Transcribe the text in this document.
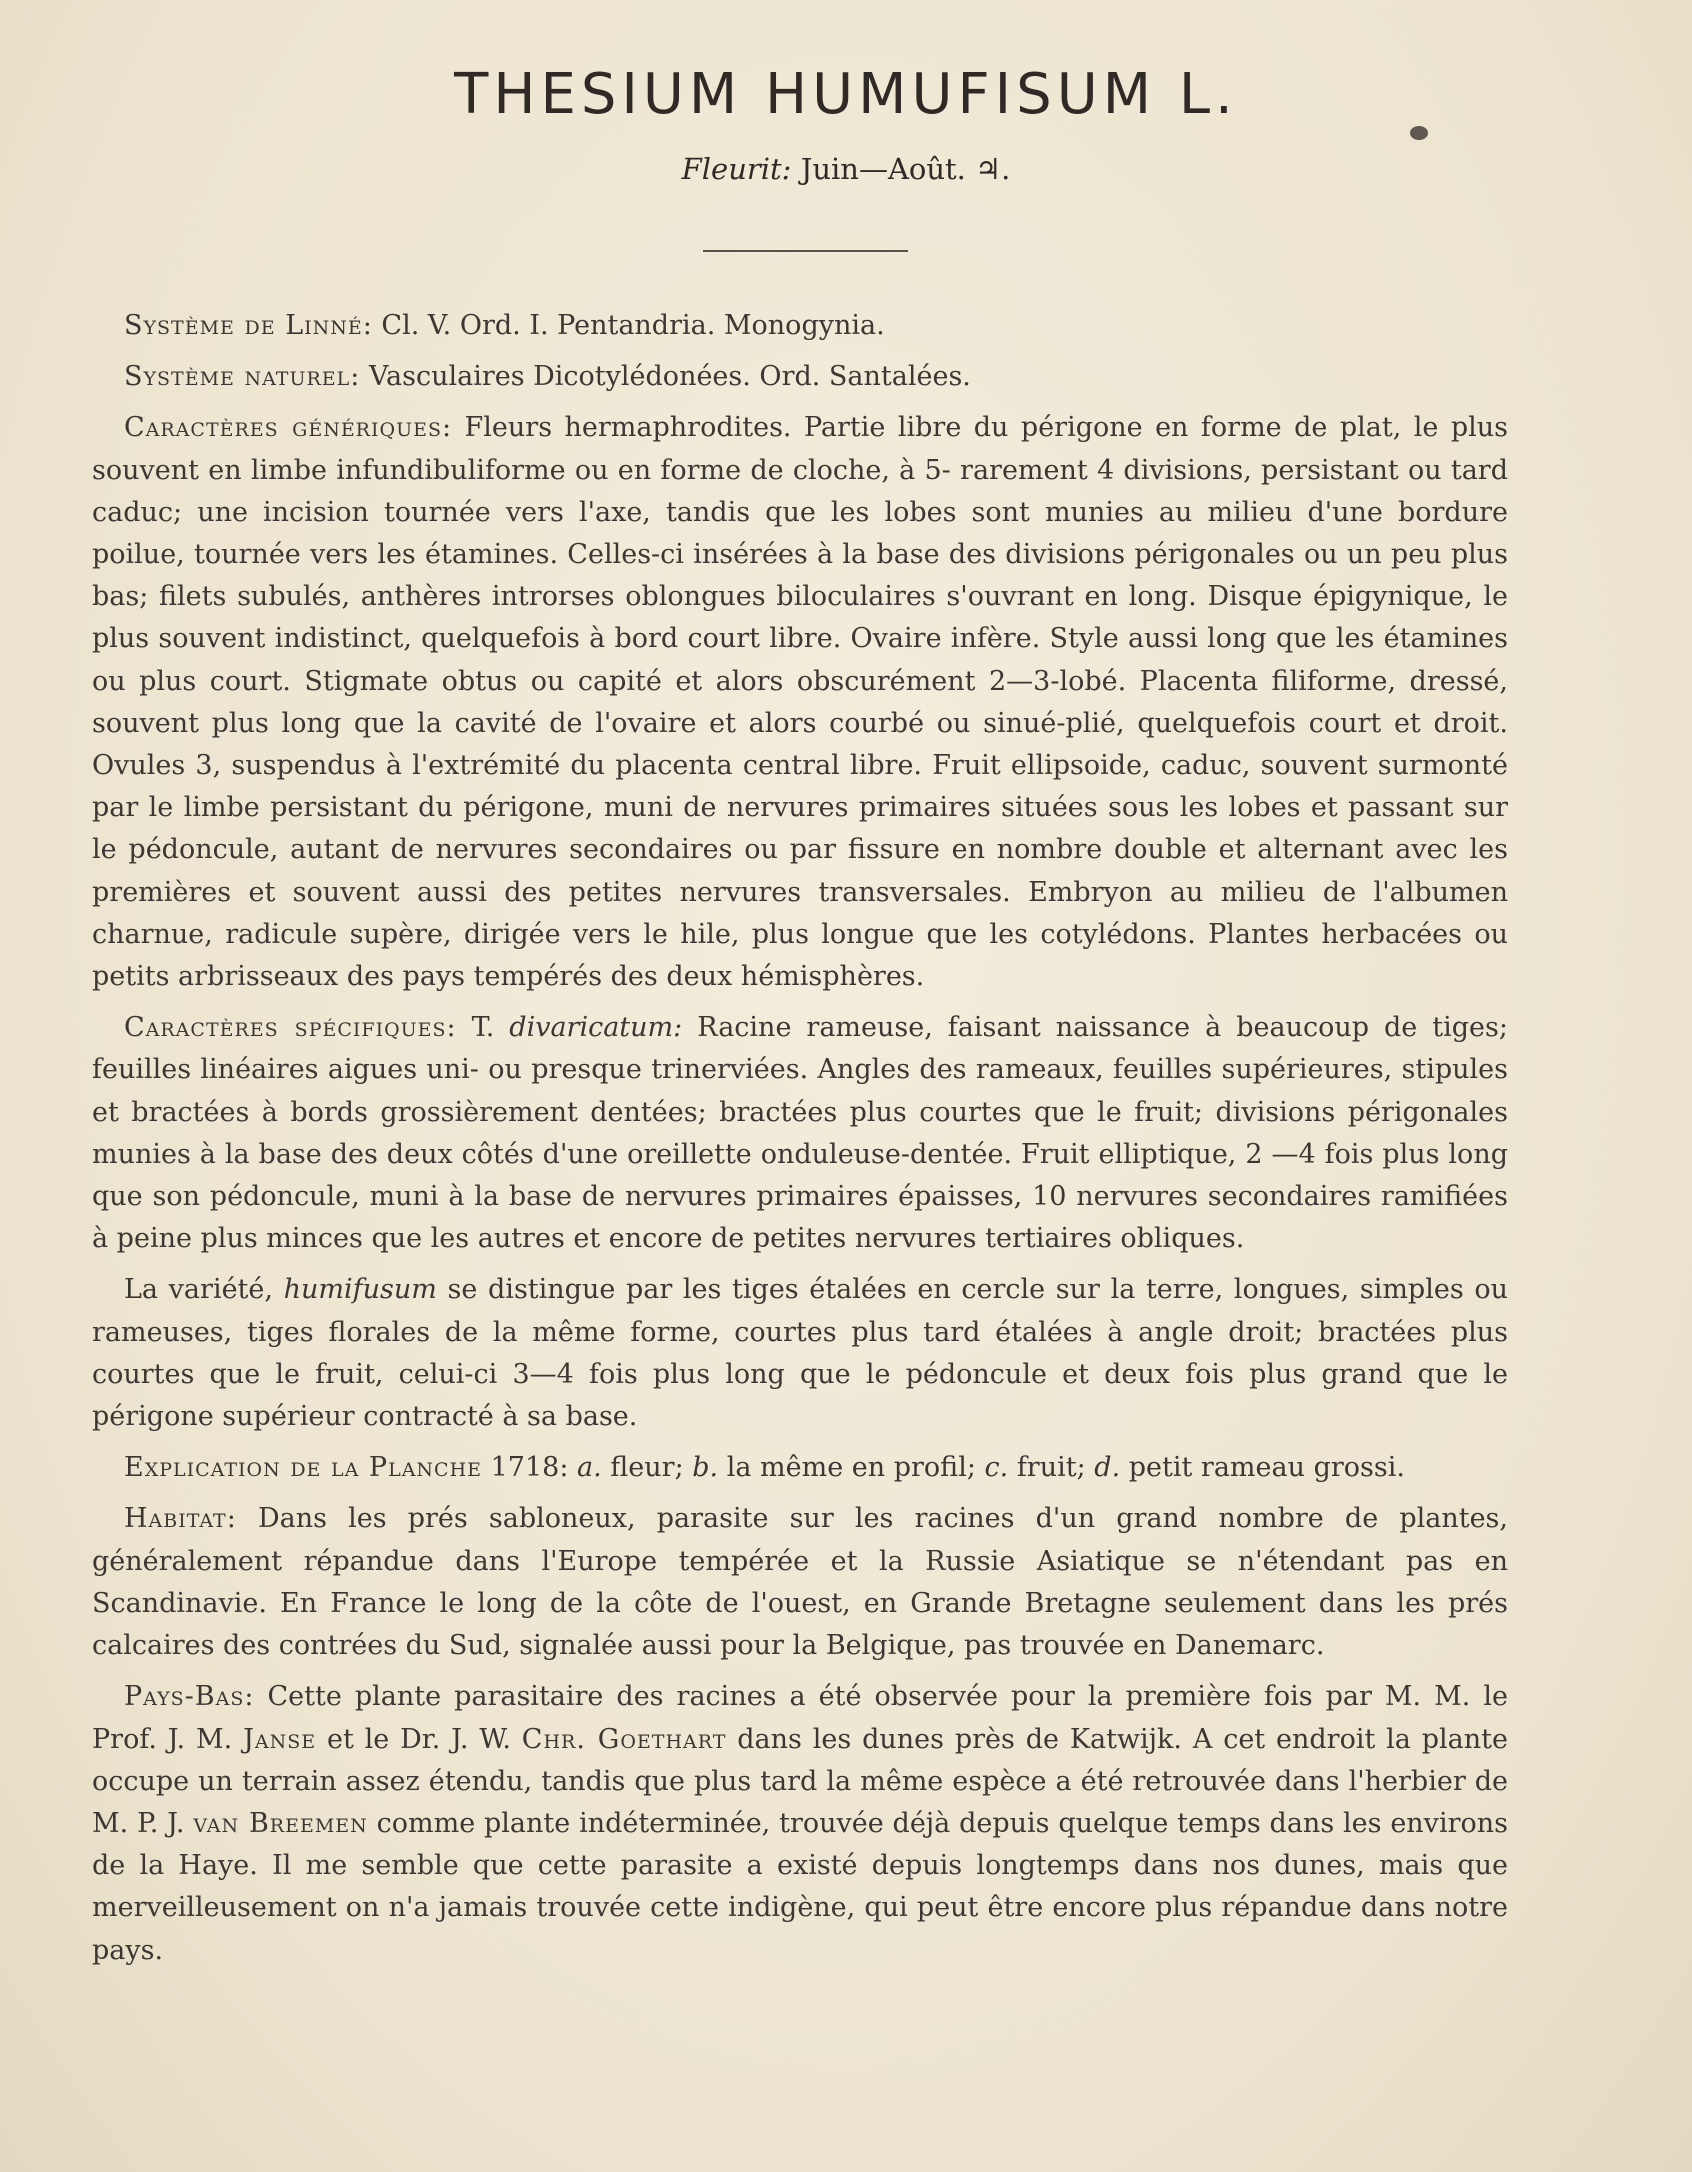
THESIUM HUMUFISUM L.
Fleurit: Juin—Août. ♃.

Système de Linné: Cl. V. Ord. I. Pentandria. Monogynia.

Système naturel: Vasculaires Dicotylédonées. Ord. Santalées.

Caractères génériques: Fleurs hermaphrodites. Partie libre du périgone en forme de plat, le plus souvent en limbe infundibuliforme ou en forme de cloche, à 5- rarement 4 divisions, persistant ou tard caduc; une incision tournée vers l'axe, tandis que les lobes sont munies au milieu d'une bordure poilue, tournée vers les étamines. Celles-ci insérées à la base des divisions périgonales ou un peu plus bas; filets subulés, anthères introrses oblongues biloculaires s'ouvrant en long. Disque épigynique, le plus souvent indistinct, quelquefois à bord court libre. Ovaire infère. Style aussi long que les étamines ou plus court. Stigmate obtus ou capité et alors obscurément 2—3-lobé. Placenta filiforme, dressé, souvent plus long que la cavité de l'ovaire et alors courbé ou sinué-plié, quelquefois court et droit. Ovules 3, suspendus à l'extrémité du placenta central libre. Fruit ellipsoide, caduc, souvent surmonté par le limbe persistant du périgone, muni de nervures primaires situées sous les lobes et passant sur le pédoncule, autant de nervures secondaires ou par fissure en nombre double et alternant avec les premières et souvent aussi des petites nervures transversales. Embryon au milieu de l'albumen charnue, radicule supère, dirigée vers le hile, plus longue que les cotylédons. Plantes herbacées ou petits arbrisseaux des pays tempérés des deux hémisphères.

Caractères spécifiques: T. divaricatum: Racine rameuse, faisant naissance à beaucoup de tiges; feuilles linéaires aigues uni- ou presque trinerviées. Angles des rameaux, feuilles supérieures, stipules et bractées à bords grossièrement dentées; bractées plus courtes que le fruit; divisions périgonales munies à la base des deux côtés d'une oreillette onduleuse-dentée. Fruit elliptique, 2 —4 fois plus long que son pédoncule, muni à la base de nervures primaires épaisses, 10 nervures secondaires ramifiées à peine plus minces que les autres et encore de petites nervures tertiaires obliques.

La variété, humifusum se distingue par les tiges étalées en cercle sur la terre, longues, simples ou rameuses, tiges florales de la même forme, courtes plus tard étalées à angle droit; bractées plus courtes que le fruit, celui-ci 3—4 fois plus long que le pédoncule et deux fois plus grand que le périgone supérieur contracté à sa base.

Explication de la Planche 1718: a. fleur; b. la même en profil; c. fruit; d. petit rameau grossi.

Habitat: Dans les prés sabloneux, parasite sur les racines d'un grand nombre de plantes, généralement répandue dans l'Europe tempérée et la Russie Asiatique se n'étendant pas en Scandinavie. En France le long de la côte de l'ouest, en Grande Bretagne seulement dans les prés calcaires des contrées du Sud, signalée aussi pour la Belgique, pas trouvée en Danemarc.

Pays-Bas: Cette plante parasitaire des racines a été observée pour la première fois par M. M. le Prof. J. M. Janse et le Dr. J. W. Chr. Goethart dans les dunes près de Katwijk. A cet endroit la plante occupe un terrain assez étendu, tandis que plus tard la même espèce a été retrouvée dans l'herbier de M. P. J. van Breemen comme plante indéterminée, trouvée déjà depuis quelque temps dans les environs de la Haye. Il me semble que cette parasite a existé depuis longtemps dans nos dunes, mais que merveilleusement on n'a jamais trouvée cette indigène, qui peut être encore plus répandue dans notre pays.
